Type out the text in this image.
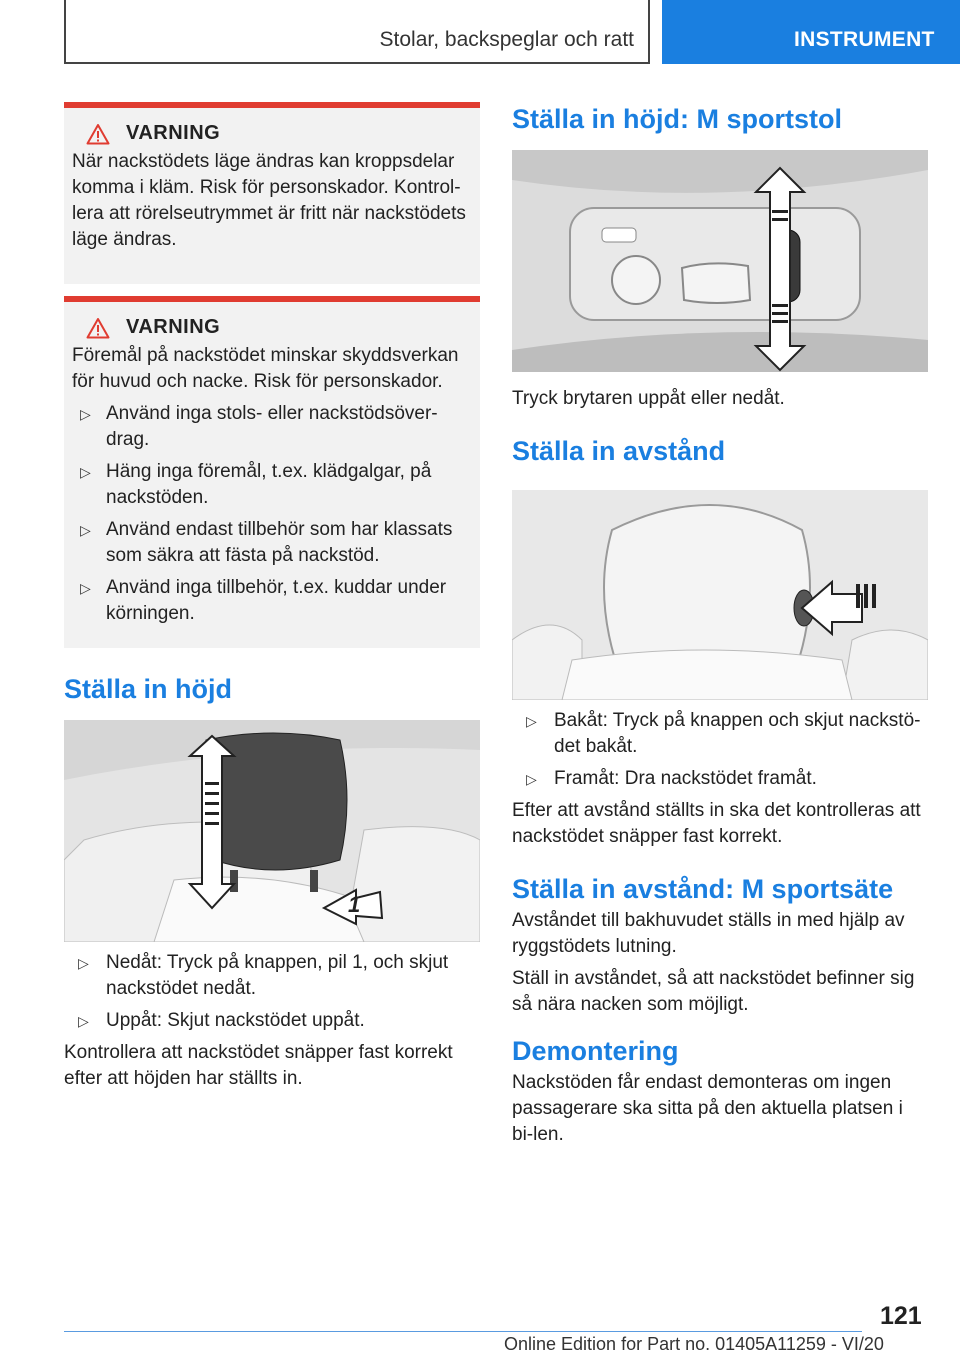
Stolar, backspeglar och ratt	INSTRUMENT
VARNING

När nackstödets läge ändras kan kroppsdelar komma i kläm. Risk för personskador. Kontrol-lera att rörelseutrymmet är fritt när nackstödets läge ändras.

VARNING

Föremål på nackstödet minskar skyddsverkan för huvud och nacke. Risk för personskador.

▷ Använd inga stols- eller nackstödsöver-drag.
▷ Häng inga föremål, t.ex. klädgalgar, på nackstöden.
▷ Använd endast tillbehör som har klassats som säkra att fästa på nackstöd.
▷ Använd inga tillbehör, t.ex. kuddar under körningen.
Ställa in höjd
1
▷ Nedåt: Tryck på knappen, pil 1, och skjut nackstödet nedåt.
▷ Uppåt: Skjut nackstödet uppåt.

Kontrollera att nackstödet snäpper fast korrekt efter att höjden har ställts in.

Ställa in höjd: M sportstol

Tryck brytaren uppåt eller nedåt.

Ställa in avstånd
▷ Bakåt: Tryck på knappen och skjut nackstö-det bakåt.
▷ Framåt: Dra nackstödet framåt.

Efter att avstånd ställts in ska det kontrolleras att nackstödet snäpper fast korrekt.

Ställa in avstånd: M sportsäte

Avståndet till bakhuvudet ställs in med hjälp av ryggstödets lutning.

Ställ in avståndet, så att nackstödet befinner sig så nära nacken som möjligt.

Demontering

Nackstöden får endast demonteras om ingen passagerare ska sitta på den aktuella platsen i bi-len.

121
Online Edition for Part no. 01405A11259 - VI/20
